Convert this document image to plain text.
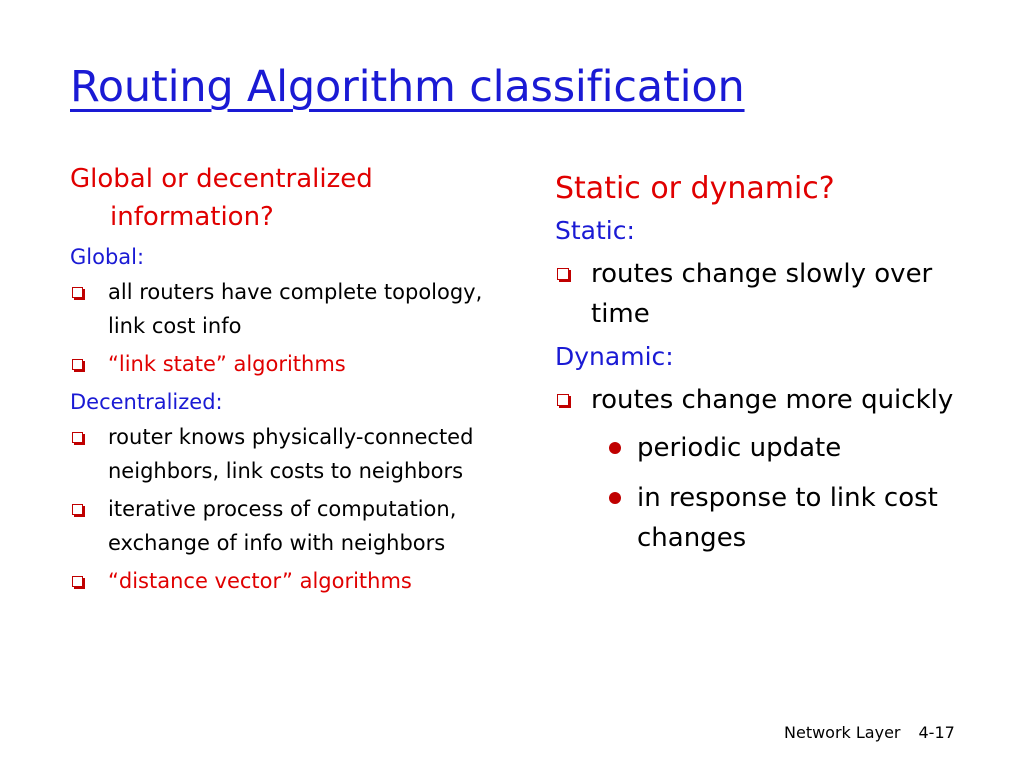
Routing Algorithm classification

Global or decentralized information?

Global:
all routers have complete topology, link cost info
“link state” algorithms
Decentralized:
router knows physically-connected neighbors, link costs to neighbors
iterative process of computation, exchange of info with neighbors
“distance vector” algorithms
Static or dynamic?
Static:
routes change slowly over time
Dynamic:
routes change more quickly
periodic update
in response to link cost changes
Network Layer 4-17
